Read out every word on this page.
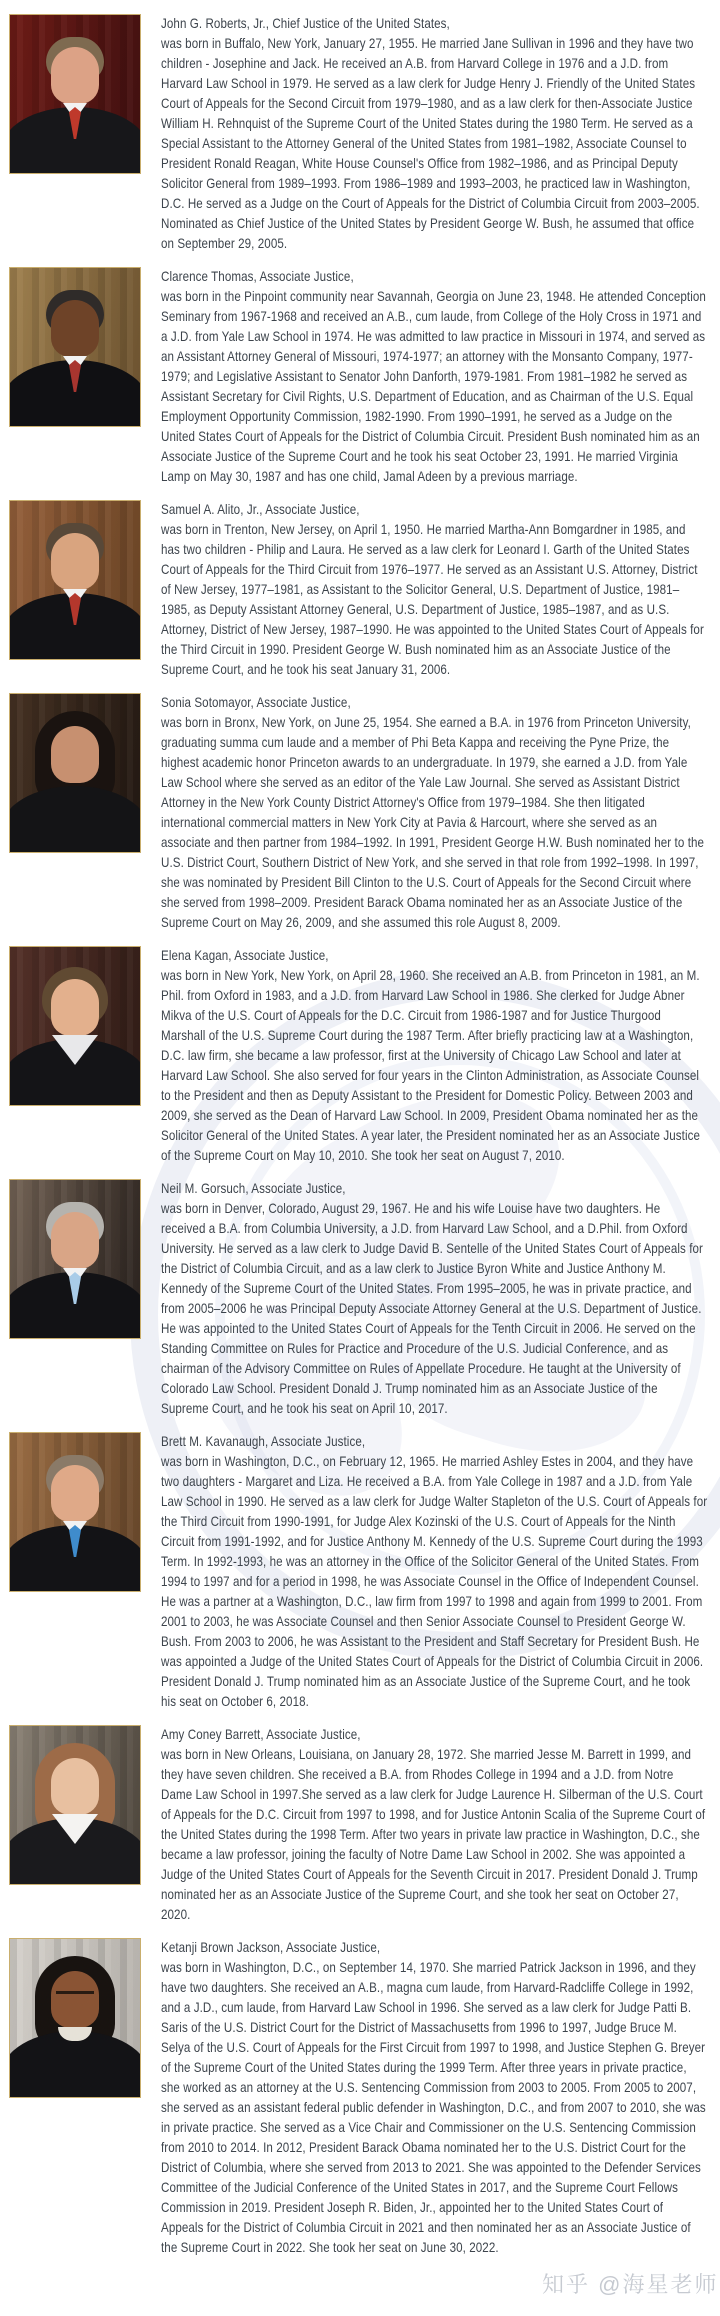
John G. Roberts, Jr., Chief Justice of the United States,
was born in Buffalo, New York, January 27, 1955. He married Jane Sullivan in 1996 and they have two children - Josephine and Jack. He received an A.B. from Harvard College in 1976 and a J.D. from Harvard Law School in 1979. He served as a law clerk for Judge Henry J. Friendly of the United States Court of Appeals for the Second Circuit from 1979–1980, and as a law clerk for then-Associate Justice William H. Rehnquist of the Supreme Court of the United States during the 1980 Term. He served as a Special Assistant to the Attorney General of the United States from 1981–1982, Associate Counsel to President Ronald Reagan, White House Counsel's Office from 1982–1986, and as Principal Deputy Solicitor General from 1989–1993. From 1986–1989 and 1993–2003, he practiced law in Washington, D.C. He served as a Judge on the Court of Appeals for the District of Columbia Circuit from 2003–2005. Nominated as Chief Justice of the United States by President George W. Bush, he assumed that office on September 29, 2005.
Clarence Thomas, Associate Justice,
was born in the Pinpoint community near Savannah, Georgia on June 23, 1948. He attended Conception Seminary from 1967-1968 and received an A.B., cum laude, from College of the Holy Cross in 1971 and a J.D. from Yale Law School in 1974. He was admitted to law practice in Missouri in 1974, and served as an Assistant Attorney General of Missouri, 1974-1977; an attorney with the Monsanto Company, 1977-1979; and Legislative Assistant to Senator John Danforth, 1979-1981. From 1981–1982 he served as Assistant Secretary for Civil Rights, U.S. Department of Education, and as Chairman of the U.S. Equal Employment Opportunity Commission, 1982-1990. From 1990–1991, he served as a Judge on the United States Court of Appeals for the District of Columbia Circuit. President Bush nominated him as an Associate Justice of the Supreme Court and he took his seat October 23, 1991. He married Virginia Lamp on May 30, 1987 and has one child, Jamal Adeen by a previous marriage.
Samuel A. Alito, Jr., Associate Justice,
was born in Trenton, New Jersey, on April 1, 1950. He married Martha-Ann Bomgardner in 1985, and has two children - Philip and Laura. He served as a law clerk for Leonard I. Garth of the United States Court of Appeals for the Third Circuit from 1976–1977. He served as an Assistant U.S. Attorney, District of New Jersey, 1977–1981, as Assistant to the Solicitor General, U.S. Department of Justice, 1981–1985, as Deputy Assistant Attorney General, U.S. Department of Justice, 1985–1987, and as U.S. Attorney, District of New Jersey, 1987–1990. He was appointed to the United States Court of Appeals for the Third Circuit in 1990. President George W. Bush nominated him as an Associate Justice of the Supreme Court, and he took his seat January 31, 2006.
Sonia Sotomayor, Associate Justice,
was born in Bronx, New York, on June 25, 1954. She earned a B.A. in 1976 from Princeton University, graduating summa cum laude and a member of Phi Beta Kappa and receiving the Pyne Prize, the highest academic honor Princeton awards to an undergraduate. In 1979, she earned a J.D. from Yale Law School where she served as an editor of the Yale Law Journal. She served as Assistant District Attorney in the New York County District Attorney's Office from 1979–1984. She then litigated international commercial matters in New York City at Pavia & Harcourt, where she served as an associate and then partner from 1984–1992. In 1991, President George H.W. Bush nominated her to the U.S. District Court, Southern District of New York, and she served in that role from 1992–1998. In 1997, she was nominated by President Bill Clinton to the U.S. Court of Appeals for the Second Circuit where she served from 1998–2009. President Barack Obama nominated her as an Associate Justice of the Supreme Court on May 26, 2009, and she assumed this role August 8, 2009.
Elena Kagan, Associate Justice,
was born in New York, New York, on April 28, 1960. She received an A.B. from Princeton in 1981, an M. Phil. from Oxford in 1983, and a J.D. from Harvard Law School in 1986. She clerked for Judge Abner Mikva of the U.S. Court of Appeals for the D.C. Circuit from 1986-1987 and for Justice Thurgood Marshall of the U.S. Supreme Court during the 1987 Term. After briefly practicing law at a Washington, D.C. law firm, she became a law professor, first at the University of Chicago Law School and later at Harvard Law School. She also served for four years in the Clinton Administration, as Associate Counsel to the President and then as Deputy Assistant to the President for Domestic Policy. Between 2003 and 2009, she served as the Dean of Harvard Law School. In 2009, President Obama nominated her as the Solicitor General of the United States. A year later, the President nominated her as an Associate Justice of the Supreme Court on May 10, 2010. She took her seat on August 7, 2010.
Neil M. Gorsuch, Associate Justice,
was born in Denver, Colorado, August 29, 1967. He and his wife Louise have two daughters. He received a B.A. from Columbia University, a J.D. from Harvard Law School, and a D.Phil. from Oxford University. He served as a law clerk to Judge David B. Sentelle of the United States Court of Appeals for the District of Columbia Circuit, and as a law clerk to Justice Byron White and Justice Anthony M. Kennedy of the Supreme Court of the United States. From 1995–2005, he was in private practice, and from 2005–2006 he was Principal Deputy Associate Attorney General at the U.S. Department of Justice. He was appointed to the United States Court of Appeals for the Tenth Circuit in 2006. He served on the Standing Committee on Rules for Practice and Procedure of the U.S. Judicial Conference, and as chairman of the Advisory Committee on Rules of Appellate Procedure. He taught at the University of Colorado Law School. President Donald J. Trump nominated him as an Associate Justice of the Supreme Court, and he took his seat on April 10, 2017.
Brett M. Kavanaugh, Associate Justice,
was born in Washington, D.C., on February 12, 1965. He married Ashley Estes in 2004, and they have two daughters - Margaret and Liza. He received a B.A. from Yale College in 1987 and a J.D. from Yale Law School in 1990. He served as a law clerk for Judge Walter Stapleton of the U.S. Court of Appeals for the Third Circuit from 1990-1991, for Judge Alex Kozinski of the U.S. Court of Appeals for the Ninth Circuit from 1991-1992, and for Justice Anthony M. Kennedy of the U.S. Supreme Court during the 1993 Term. In 1992-1993, he was an attorney in the Office of the Solicitor General of the United States. From 1994 to 1997 and for a period in 1998, he was Associate Counsel in the Office of Independent Counsel. He was a partner at a Washington, D.C., law firm from 1997 to 1998 and again from 1999 to 2001. From 2001 to 2003, he was Associate Counsel and then Senior Associate Counsel to President George W. Bush. From 2003 to 2006, he was Assistant to the President and Staff Secretary for President Bush. He was appointed a Judge of the United States Court of Appeals for the District of Columbia Circuit in 2006. President Donald J. Trump nominated him as an Associate Justice of the Supreme Court, and he took his seat on October 6, 2018.
Amy Coney Barrett, Associate Justice,
was born in New Orleans, Louisiana, on January 28, 1972. She married Jesse M. Barrett in 1999, and they have seven children. She received a B.A. from Rhodes College in 1994 and a J.D. from Notre Dame Law School in 1997.She served as a law clerk for Judge Laurence H. Silberman of the U.S. Court of Appeals for the D.C. Circuit from 1997 to 1998, and for Justice Antonin Scalia of the Supreme Court of the United States during the 1998 Term. After two years in private law practice in Washington, D.C., she became a law professor, joining the faculty of Notre Dame Law School in 2002. She was appointed a Judge of the United States Court of Appeals for the Seventh Circuit in 2017. President Donald J. Trump nominated her as an Associate Justice of the Supreme Court, and she took her seat on October 27, 2020.
Ketanji Brown Jackson, Associate Justice,
was born in Washington, D.C., on September 14, 1970. She married Patrick Jackson in 1996, and they have two daughters. She received an A.B., magna cum laude, from Harvard-Radcliffe College in 1992, and a J.D., cum laude, from Harvard Law School in 1996. She served as a law clerk for Judge Patti B. Saris of the U.S. District Court for the District of Massachusetts from 1996 to 1997, Judge Bruce M. Selya of the U.S. Court of Appeals for the First Circuit from 1997 to 1998, and Justice Stephen G. Breyer of the Supreme Court of the United States during the 1999 Term. After three years in private practice, she worked as an attorney at the U.S. Sentencing Commission from 2003 to 2005. From 2005 to 2007, she served as an assistant federal public defender in Washington, D.C., and from 2007 to 2010, she was in private practice. She served as a Vice Chair and Commissioner on the U.S. Sentencing Commission from 2010 to 2014. In 2012, President Barack Obama nominated her to the U.S. District Court for the District of Columbia, where she served from 2013 to 2021. She was appointed to the Defender Services Committee of the Judicial Conference of the United States in 2017, and the Supreme Court Fellows Commission in 2019. President Joseph R. Biden, Jr., appointed her to the United States Court of Appeals for the District of Columbia Circuit in 2021 and then nominated her as an Associate Justice of the Supreme Court in 2022. She took her seat on June 30, 2022.
知乎 @海星老师
